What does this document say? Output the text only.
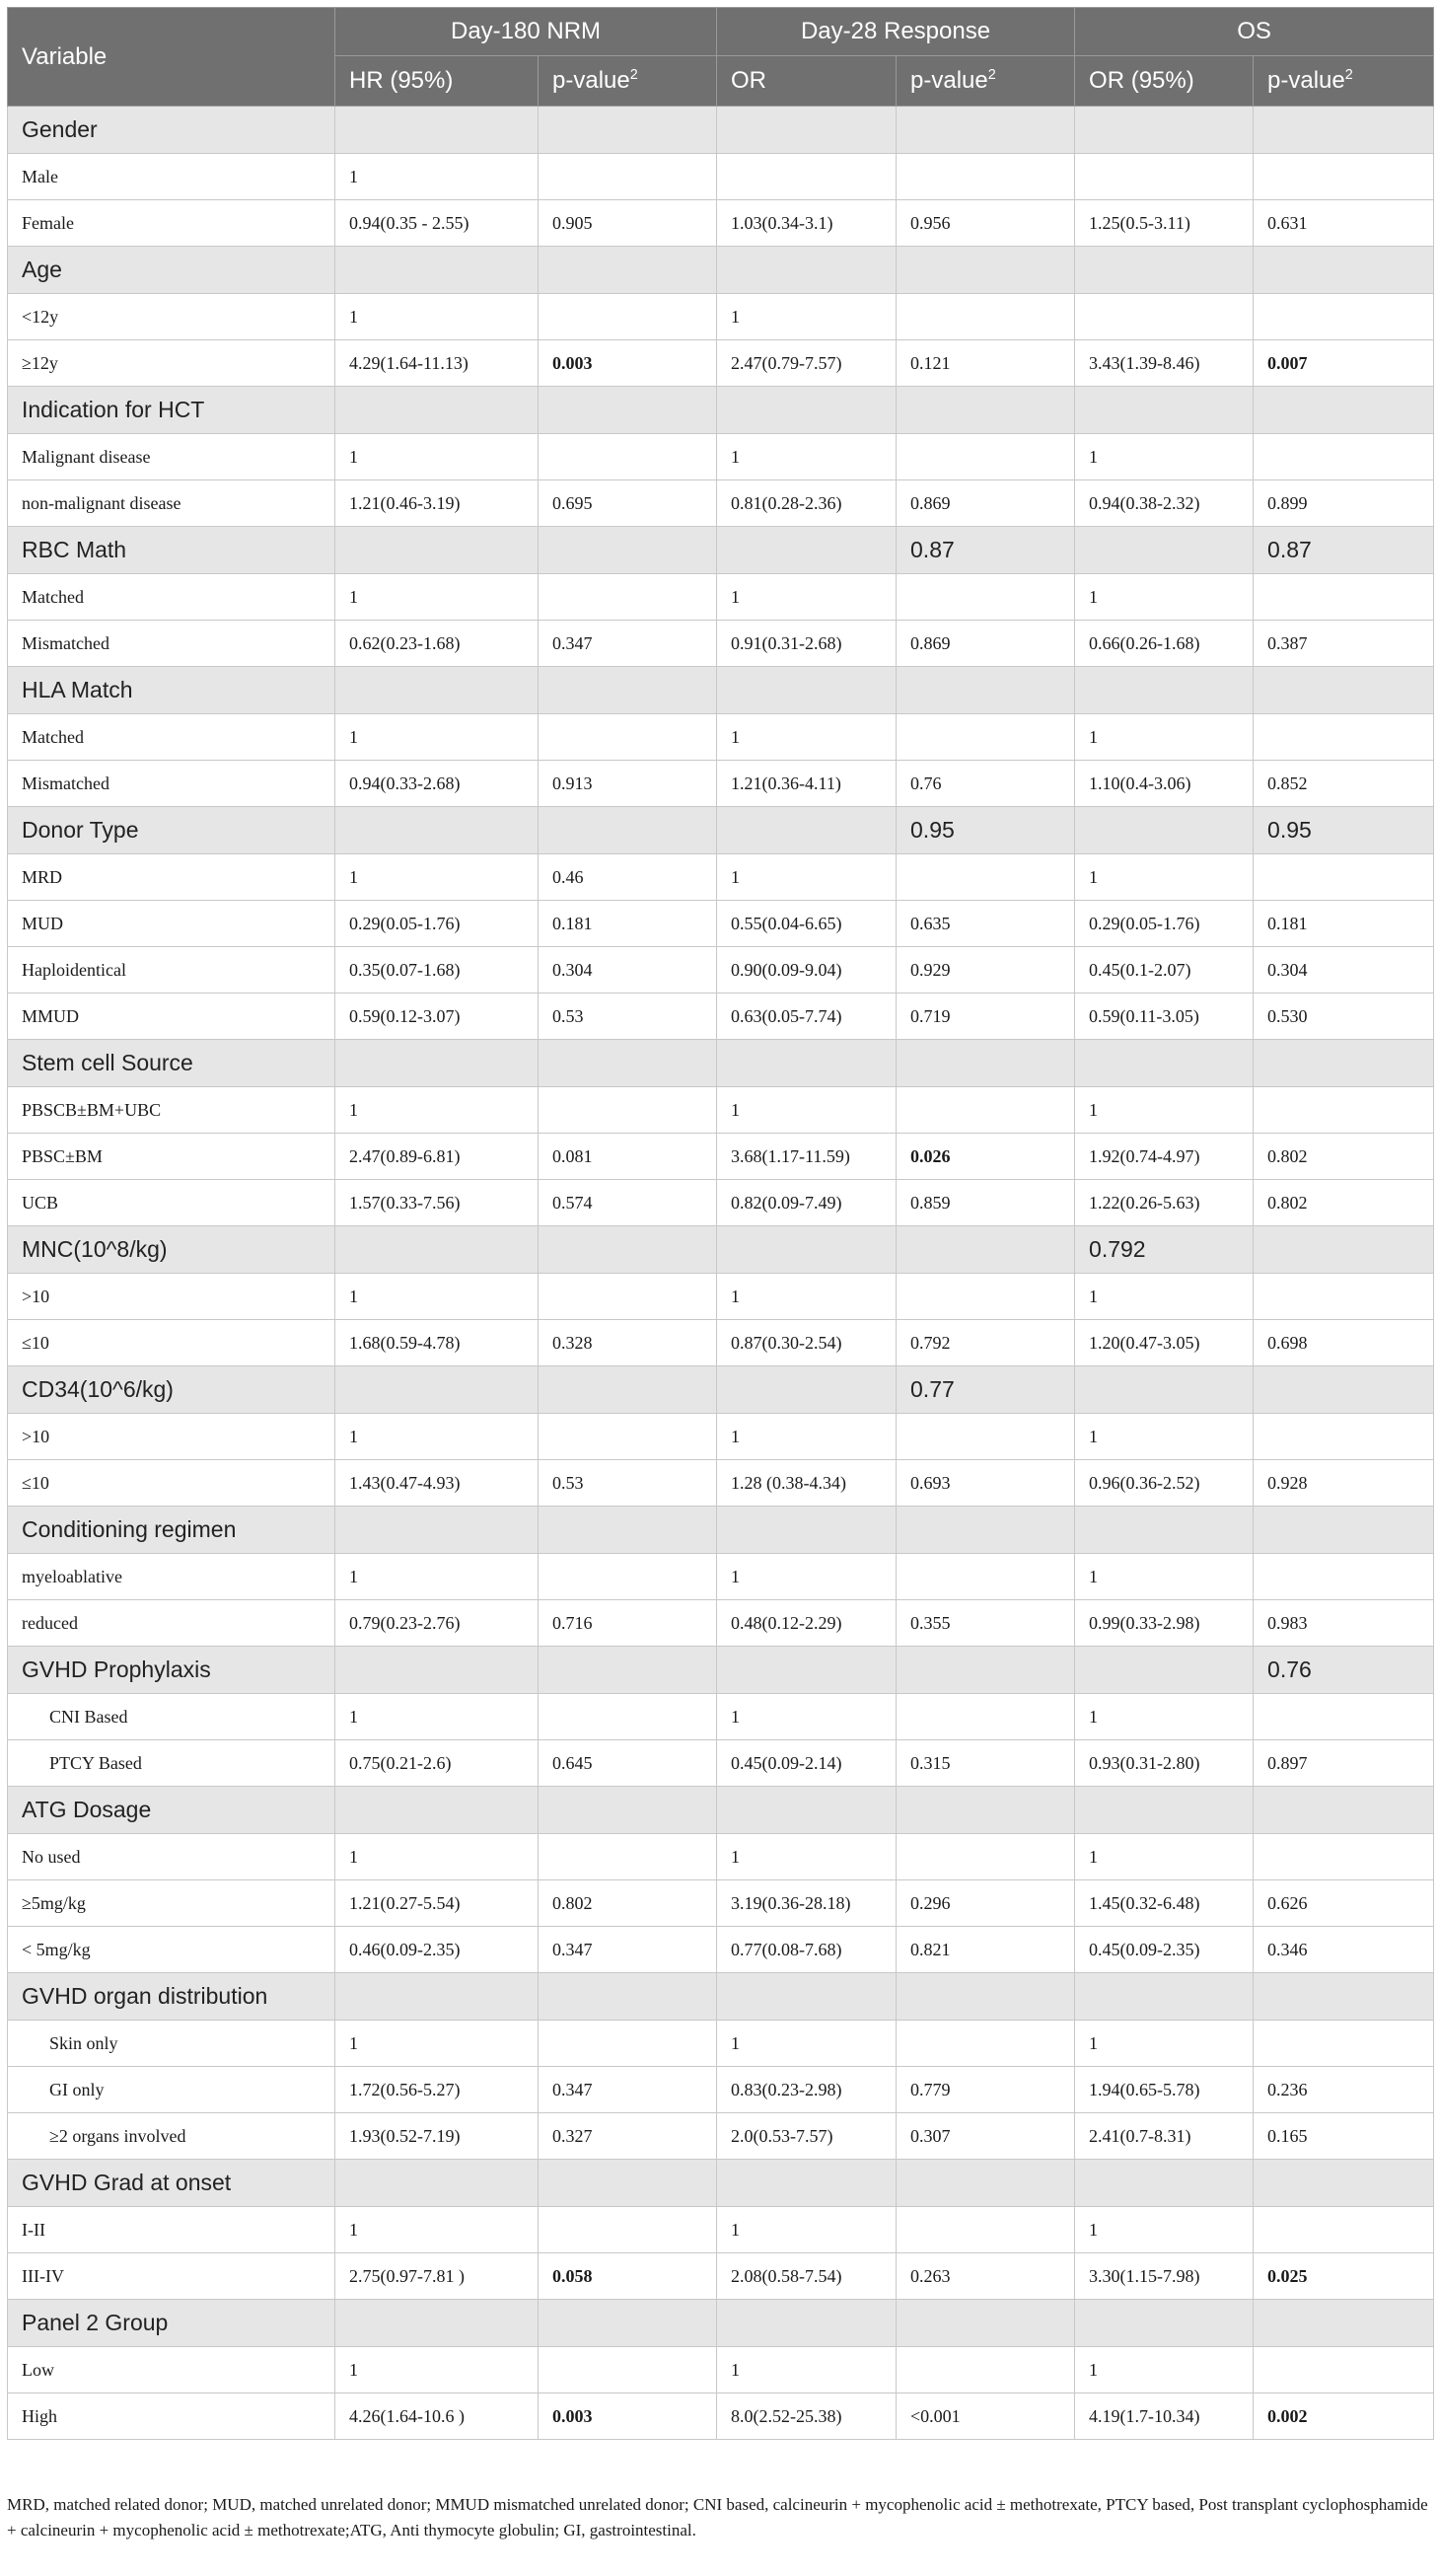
Variable	Day-180 NRM		Day-28 Response		OS	
	HR (95%)	p-value$^2$	OR	p-value$^2$	OR (95%)	p-value$^2$
Gender						
Male	1					
Female	0.94(0.35 - 2.55)	0.905	1.03(0.34-3.1)	0.956	1.25(0.5-3.11)	0.631
Age						
<12y	1		1			
≥12y	4.29(1.64-11.13)	0.003	2.47(0.79-7.57)	0.121	3.43(1.39-8.46)	0.007
Indication for HCT						
Malignant disease	1		1		1	
non-malignant disease	1.21(0.46-3.19)	0.695	0.81(0.28-2.36)	0.869	0.94(0.38-2.32)	0.899
RBC Math				0.87		0.87
Matched	1		1		1	
Mismatched	0.62(0.23-1.68)	0.347	0.91(0.31-2.68)	0.869	0.66(0.26-1.68)	0.387
HLA Match						
Matched	1		1		1	
Mismatched	0.94(0.33-2.68)	0.913	1.21(0.36-4.11)	0.76	1.10(0.4-3.06)	0.852
Donor Type				0.95		0.95
MRD	1	0.46	1		1	
MUD	0.29(0.05-1.76)	0.181	0.55(0.04-6.65)	0.635	0.29(0.05-1.76)	0.181
Haploidentical	0.35(0.07-1.68)	0.304	0.90(0.09-9.04)	0.929	0.45(0.1-2.07)	0.304
MMUD	0.59(0.12-3.07)	0.53	0.63(0.05-7.74)	0.719	0.59(0.11-3.05)	0.530
Stem cell Source						
PBSCB±BM+UBC	1		1		1	
PBSC±BM	2.47(0.89-6.81)	0.081	3.68(1.17-11.59)	0.026	1.92(0.74-4.97)	0.802
UCB	1.57(0.33-7.56)	0.574	0.82(0.09-7.49)	0.859	1.22(0.26-5.63)	0.802
MNC(10^8/kg)					0.792	
>10	1		1		1	
≤10	1.68(0.59-4.78)	0.328	0.87(0.30-2.54)	0.792	1.20(0.47-3.05)	0.698
CD34(10^6/kg)				0.77		
>10	1		1		1	
≤10	1.43(0.47-4.93)	0.53	1.28 (0.38-4.34)	0.693	0.96(0.36-2.52)	0.928
Conditioning regimen						
myeloablative	1		1		1	
reduced	0.79(0.23-2.76)	0.716	0.48(0.12-2.29)	0.355	0.99(0.33-2.98)	0.983
GVHD Prophylaxis						0.76
CNI Based	1		1		1	
PTCY Based	0.75(0.21-2.6)	0.645	0.45(0.09-2.14)	0.315	0.93(0.31-2.80)	0.897
ATG Dosage						
No used	1		1		1	
≥5mg/kg	1.21(0.27-5.54)	0.802	3.19(0.36-28.18)	0.296	1.45(0.32-6.48)	0.626
< 5mg/kg	0.46(0.09-2.35)	0.347	0.77(0.08-7.68)	0.821	0.45(0.09-2.35)	0.346
GVHD organ distribution						
Skin only	1		1		1	
GI only	1.72(0.56-5.27)	0.347	0.83(0.23-2.98)	0.779	1.94(0.65-5.78)	0.236
≥2 organs involved	1.93(0.52-7.19)	0.327	2.0(0.53-7.57)	0.307	2.41(0.7-8.31)	0.165
GVHD Grad at onset						
I-II	1		1		1	
III-IV	2.75(0.97-7.81 )	0.058	2.08(0.58-7.54)	0.263	3.30(1.15-7.98)	0.025
Panel 2 Group						
Low	1		1		1	
High	4.26(1.64-10.6 )	0.003	8.0(2.52-25.38)	<0.001	4.19(1.7-10.34)	0.002
MRD, matched related donor; MUD, matched unrelated donor; MMUD mismatched unrelated donor; CNI based, calcineurin + mycophenolic acid ± methotrexate, PTCY based, Post transplant cyclophosphamide + calcineurin + mycophenolic acid ± methotrexate;ATG, Anti thymocyte globulin; GI, gastrointestinal.
